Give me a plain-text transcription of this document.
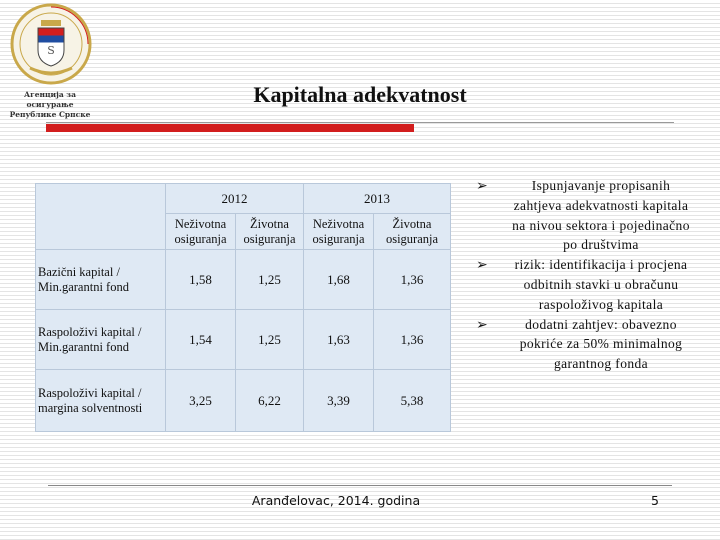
Ѕ
Агенција за осигурање
Републике Српске
Kapitalna adekvatnost
	2012		2013	
	Neživotna
osiguranja	Životna
osiguranja	Neživotna
osiguranja	Životna
osiguranja
Bazični kapital /
Min.garantni fond	1,58	1,25	1,68	1,36
Raspoloživi kapital /
Min.garantni fond	1,54	1,25	1,63	1,36
Raspoloživi kapital /
margina solventnosti	3,25	6,22	3,39	5,38
➢	Ispunjavanje propisanih zahtjeva adekvatnosti kapitala na nivou sektora i pojedinačno po društvima
➢ rizik: identifikacija i procjena odbitnih stavki u obračunu raspoloživog kapitala
➢	dodatni zahtjev: obavezno pokriće za 50% minimalnog garantnog fonda
Aranđelovac, 2014. godina	5
